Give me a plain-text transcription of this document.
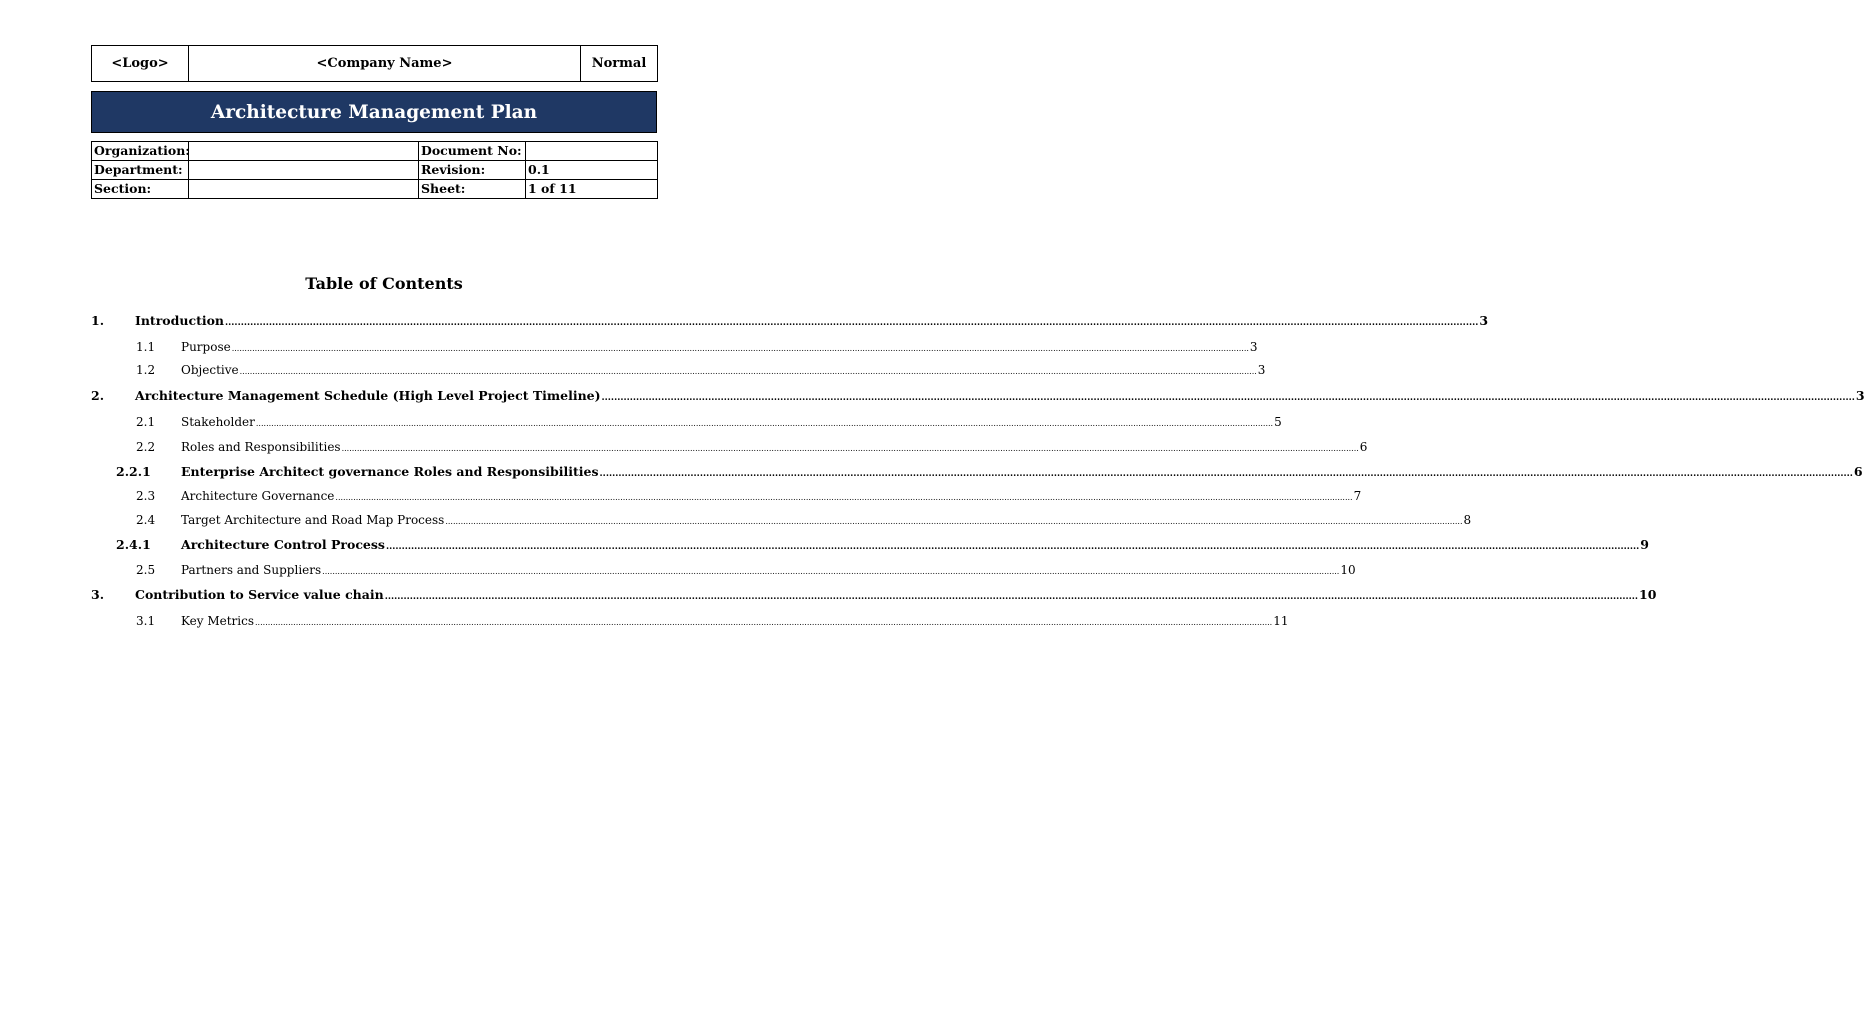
<Logo>	<Company Name>	Normal
Architecture Management Plan
Organization:		Document No:	
Department:		Revision:	0.1
Section:		Sheet:	1 of 11
Table of Contents
1. Introduction ................................................................................................................................................................................................................................................................................................................................................................................................................ 3
1.1 Purpose ................................................................................................................................................................................................................................................................................................................................................................................................................ 3
1.2 Objective ................................................................................................................................................................................................................................................................................................................................................................................................................ 3
2. Architecture Management Schedule (High Level Project Timeline) ................................................................................................................................................................................................................................................................................................................................................................................................................ 3
2.1 Stakeholder ................................................................................................................................................................................................................................................................................................................................................................................................................ 5
2.2 Roles and Responsibilities ................................................................................................................................................................................................................................................................................................................................................................................................................ 6
2.2.1 Enterprise Architect governance Roles and Responsibilities ................................................................................................................................................................................................................................................................................................................................................................................................................ 6
2.3 Architecture Governance ................................................................................................................................................................................................................................................................................................................................................................................................................ 7
2.4 Target Architecture and Road Map Process ................................................................................................................................................................................................................................................................................................................................................................................................................ 8
2.4.1 Architecture Control Process ................................................................................................................................................................................................................................................................................................................................................................................................................ 9
2.5 Partners and Suppliers ................................................................................................................................................................................................................................................................................................................................................................................................................ 10
3. Contribution to Service value chain ................................................................................................................................................................................................................................................................................................................................................................................................................ 10
3.1 Key Metrics ................................................................................................................................................................................................................................................................................................................................................................................................................ 11
